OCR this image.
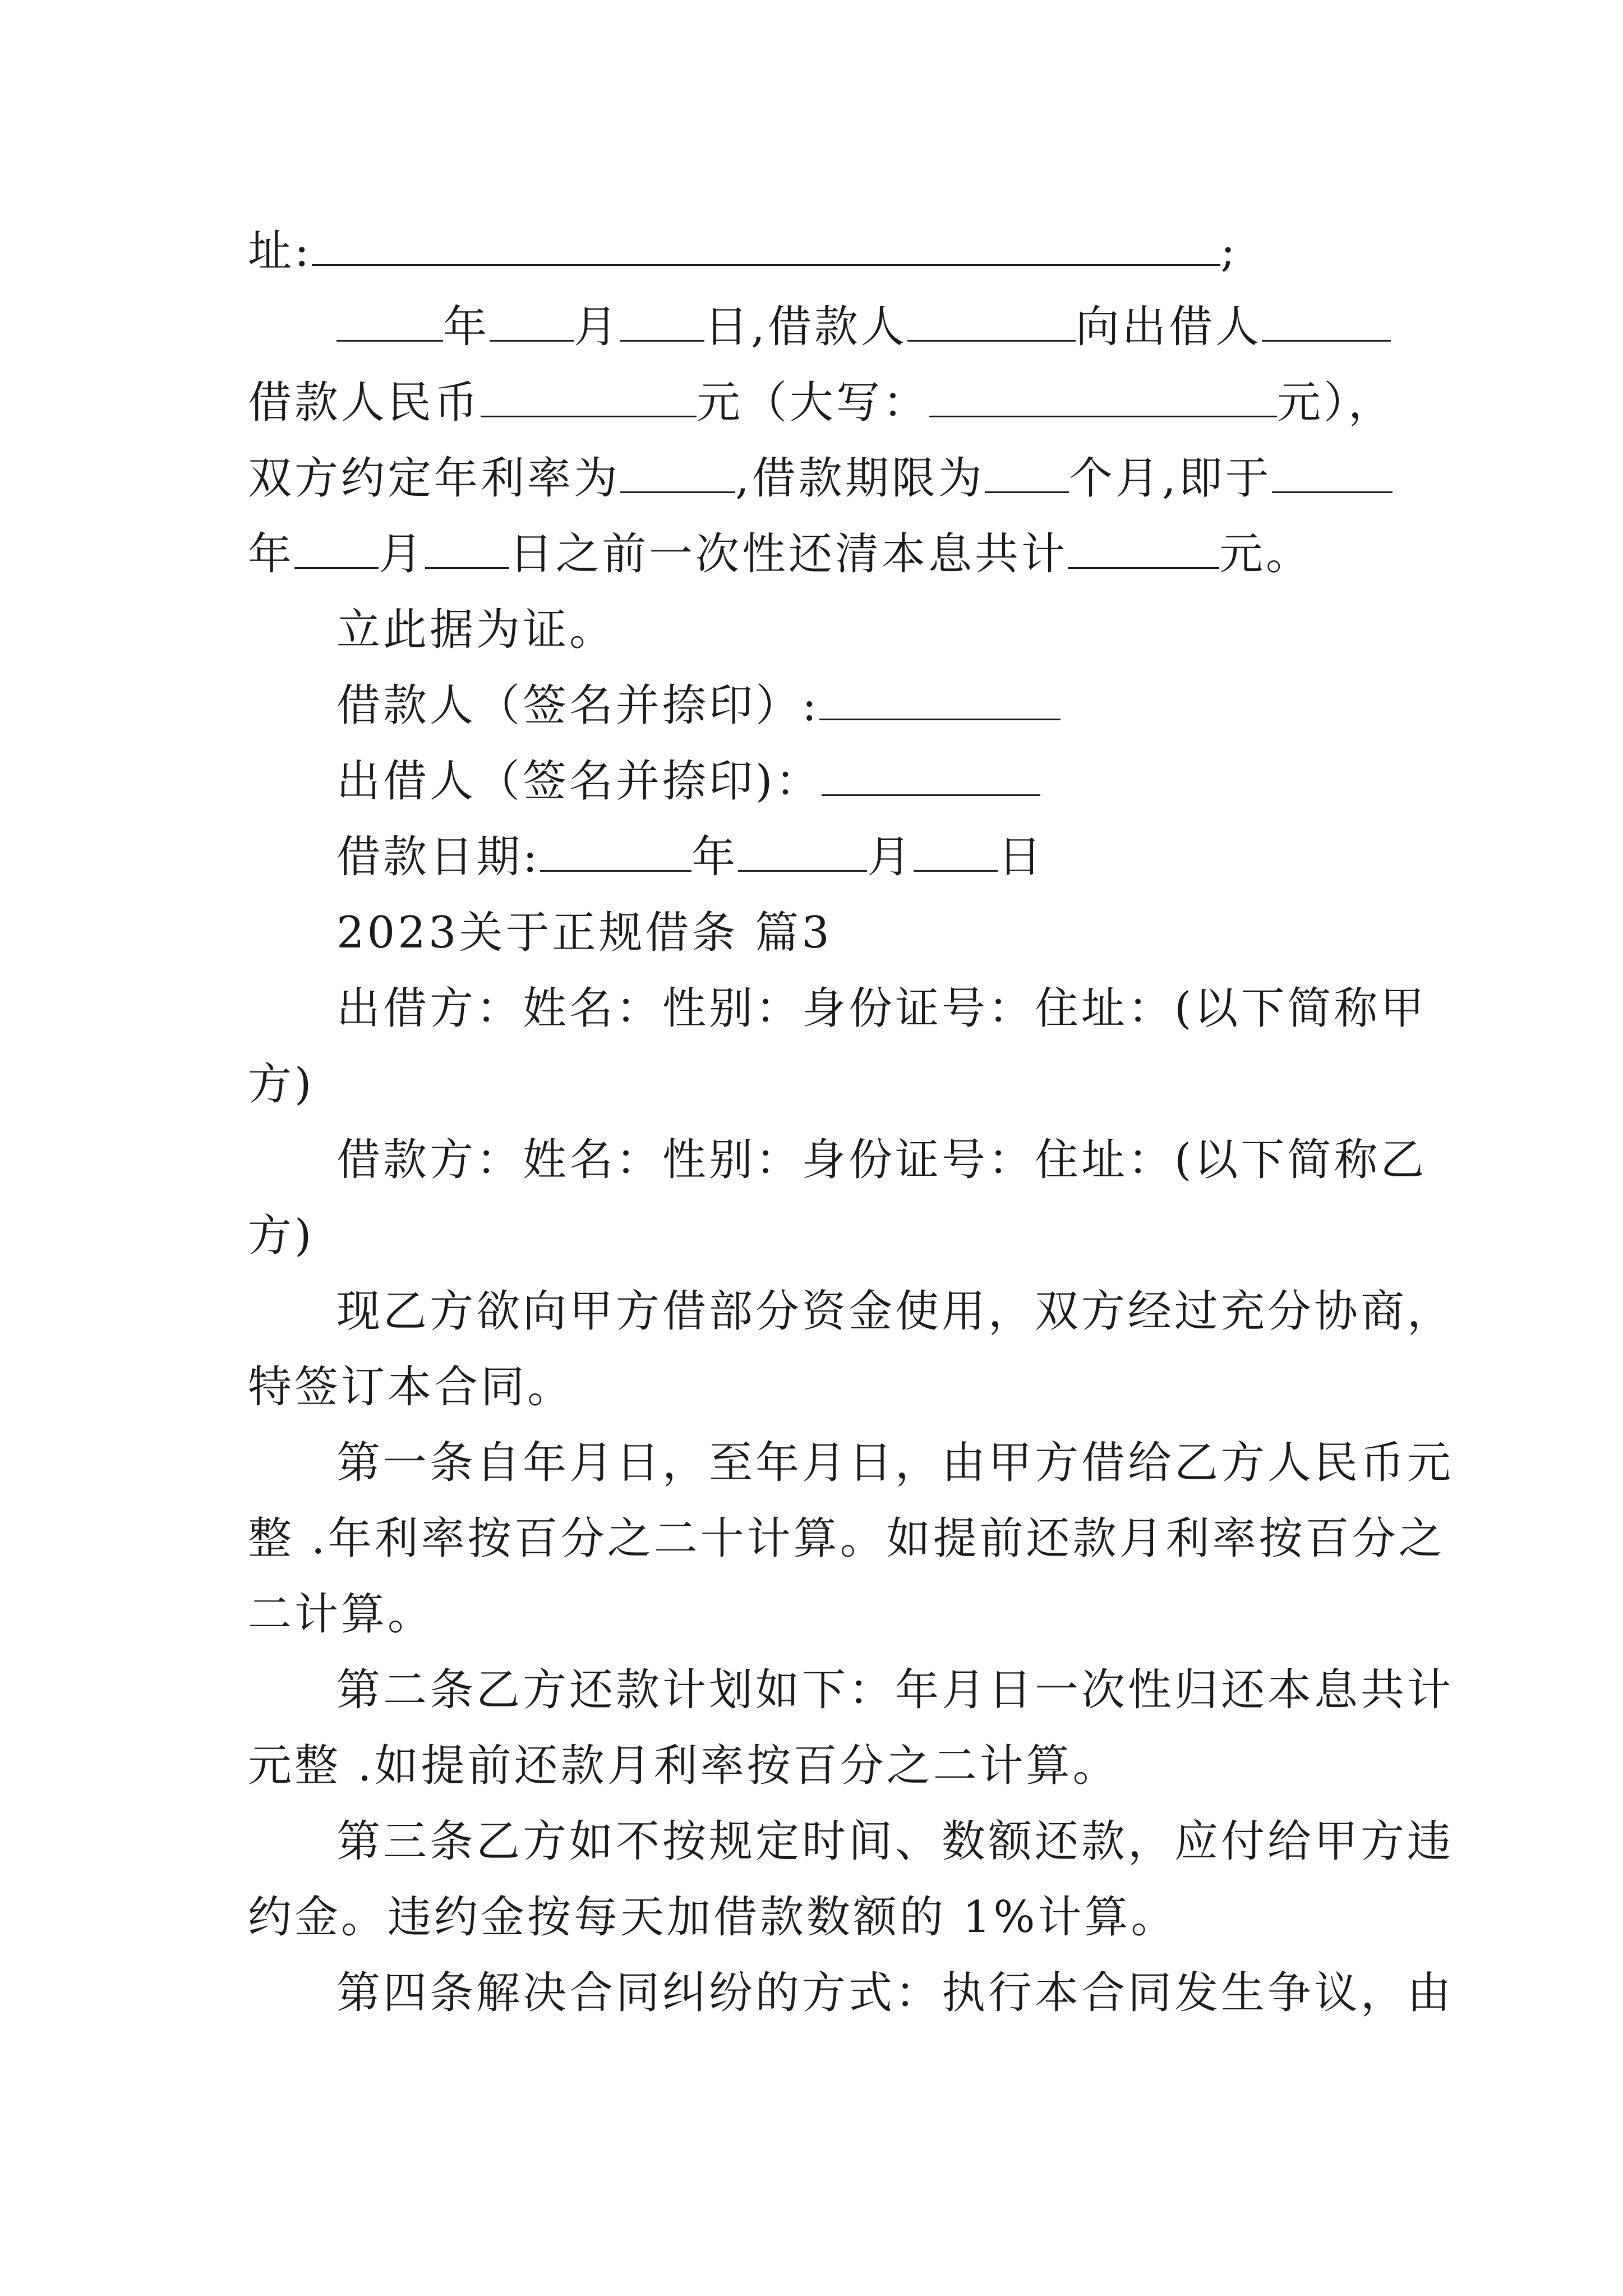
址:	;
年 月 日,借款人	向出借人
借款人民币	元（大写：	元），
双方约定年利率为	,借款期限为 个月,即于
年 月 日之前一次性还清本息共计	元。
立此据为证。
借款人（签名并捺印）:
出借人（签名并捺印)：
借款日期:	年	月 日
2023关于正规借条 篇3
出借方：姓名：性别：身份证号：住址：(以下简称甲
方)
借款方：姓名：性别：身份证号：住址：(以下简称乙
方)
现乙方欲向甲方借部分资金使用，双方经过充分协商，
特签订本合同。
第一条自年月日，至年月日，由甲方借给乙方人民币元
整 .年利率按百分之二十计算。如提前还款月利率按百分之
二计算。
第二条乙方还款计划如下：年月日一次性归还本息共计
元整 .如提前还款月利率按百分之二计算。
第三条乙方如不按规定时间、数额还款，应付给甲方违
约金。违约金按每天加借款数额的 1%计算。
第四条解决合同纠纷的方式：执行本合同发生争议，由
